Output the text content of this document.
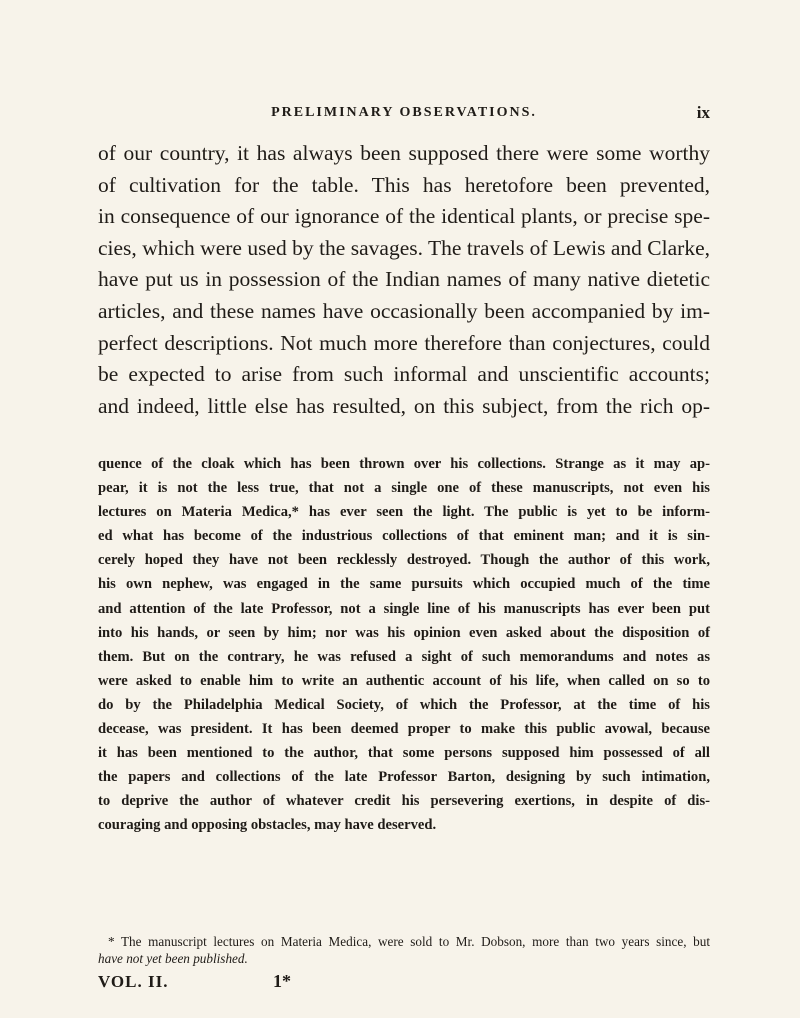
PRELIMINARY OBSERVATIONS.	ix
of our country, it has always been supposed there were some worthy
of cultivation for the table. This has heretofore been prevented,
in consequence of our ignorance of the identical plants, or precise spe-
cies, which were used by the savages. The travels of Lewis and Clarke,
have put us in possession of the Indian names of many native dietetic
articles, and these names have occasionally been accompanied by im-
perfect descriptions. Not much more therefore than conjectures, could
be expected to arise from such informal and unscientific accounts;
and indeed, little else has resulted, on this subject, from the rich op-
quence of the cloak which has been thrown over his collections. Strange as it may ap-
pear, it is not the less true, that not a single one of these manuscripts, not even his
lectures on Materia Medica,* has ever seen the light. The public is yet to be inform-
ed what has become of the industrious collections of that eminent man; and it is sin-
cerely hoped they have not been recklessly destroyed. Though the author of this work,
his own nephew, was engaged in the same pursuits which occupied much of the time
and attention of the late Professor, not a single line of his manuscripts has ever been put
into his hands, or seen by him; nor was his opinion even asked about the disposition of
them. But on the contrary, he was refused a sight of such memorandums and notes as
were asked to enable him to write an authentic account of his life, when called on so to
do by the Philadelphia Medical Society, of which the Professor, at the time of his
decease, was president. It has been deemed proper to make this public avowal, because
it has been mentioned to the author, that some persons supposed him possessed of all
the papers and collections of the late Professor Barton, designing by such intimation,
to deprive the author of whatever credit his persevering exertions, in despite of dis-
couraging and opposing obstacles, may have deserved.
* The manuscript lectures on Materia Medica, were sold to Mr. Dobson, more than two years since, but
have not yet been published.
VOL. II.	1*
